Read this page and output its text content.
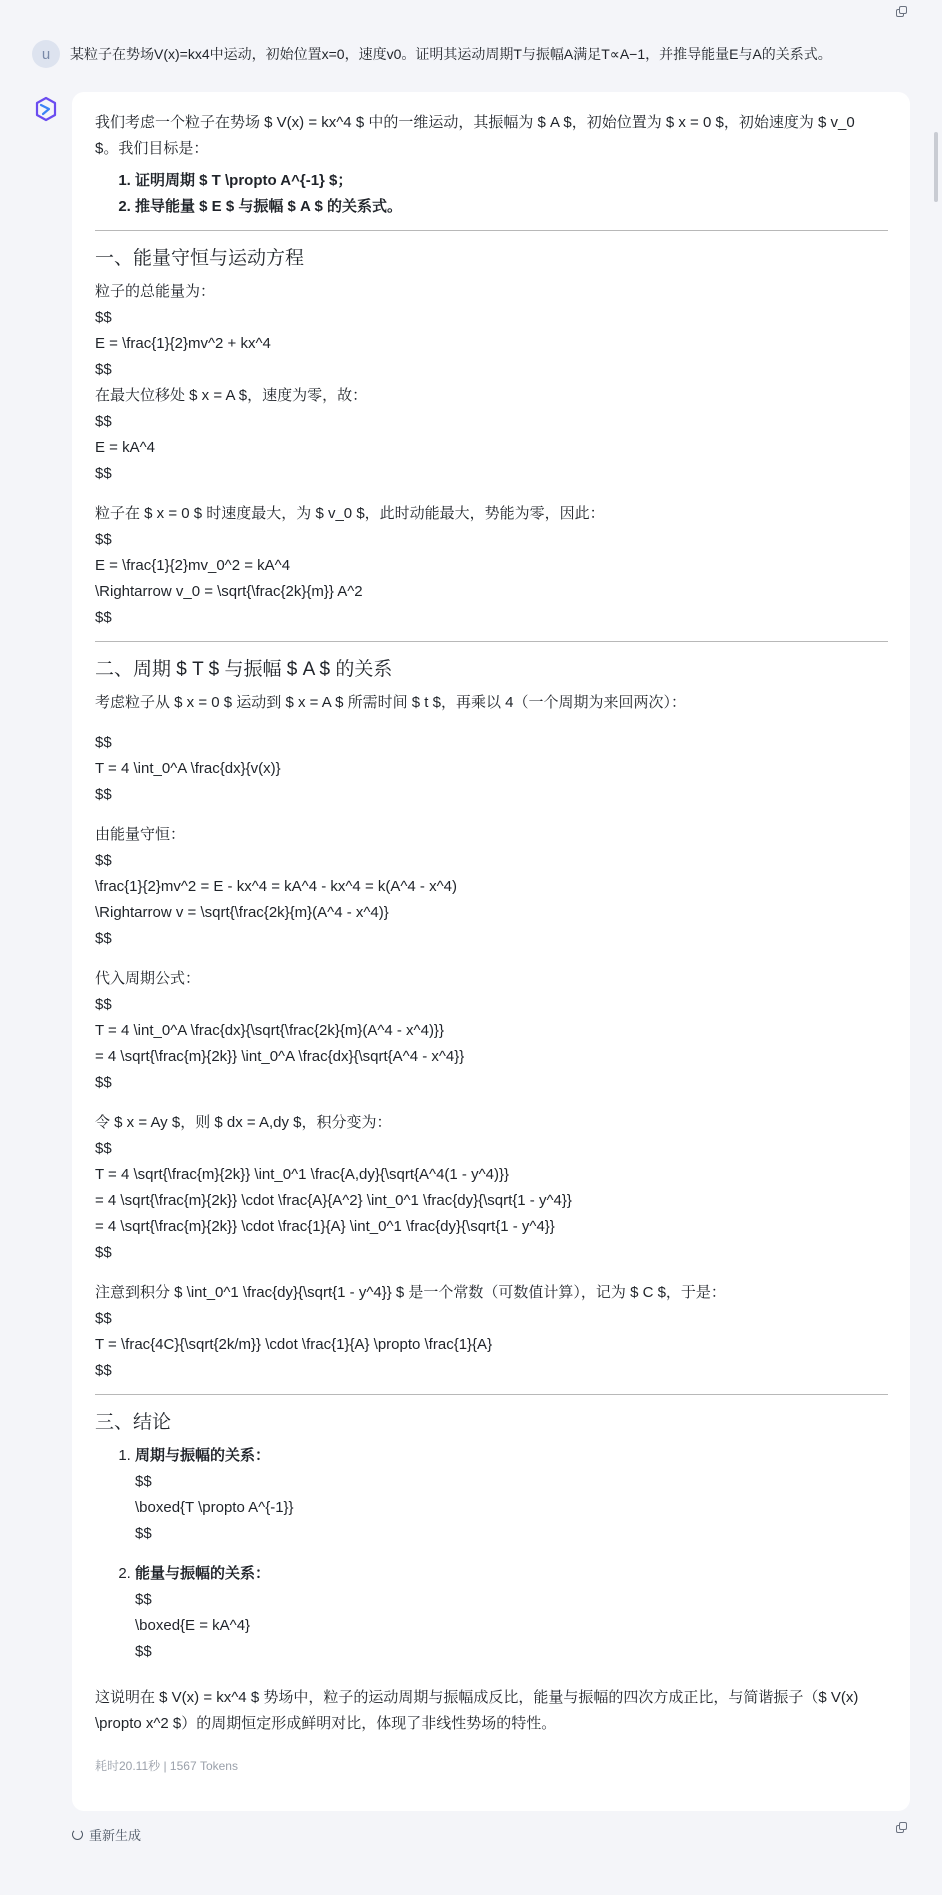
u	某粒子在势场V(x)=kx4中运动，初始位置x=0，速度v0。证明其运动周期T与振幅A满足T∝A−1，并推导能量E与A的关系式。

我们考虑一个粒子在势场 $ V(x) = kx^4 $ 中的一维运动，其振幅为 $ A $，初始位置为 $ x = 0 $，初始速度为 $ v_0
$。我们目标是：

1. 证明周期 $ T \propto A^{-1} $；
2. 推导能量 $ E $ 与振幅 $ A $ 的关系式。
一、能量守恒与运动方程

粒子的总能量为：
$$
E = \frac{1}{2}mv^2 + kx^4
$$
在最大位移处 $ x = A $，速度为零，故：
$$
E = kA^4
$$

粒子在 $ x = 0 $ 时速度最大，为 $ v_0 $，此时动能最大，势能为零，因此：
$$
E = \frac{1}{2}mv_0^2 = kA^4
\Rightarrow v_0 = \sqrt{\frac{2k}{m}} A^2
$$

二、周期 $ T $ 与振幅 $ A $ 的关系

考虑粒子从 $ x = 0 $ 运动到 $ x = A $ 所需时间 $ t $，再乘以 4（一个周期为来回两次）：

$$
T = 4 \int_0^A \frac{dx}{v(x)}
$$

由能量守恒：
$$
\frac{1}{2}mv^2 = E - kx^4 = kA^4 - kx^4 = k(A^4 - x^4)
\Rightarrow v = \sqrt{\frac{2k}{m}(A^4 - x^4)}
$$

代入周期公式：
$$
T = 4 \int_0^A \frac{dx}{\sqrt{\frac{2k}{m}(A^4 - x^4)}}
= 4 \sqrt{\frac{m}{2k}} \int_0^A \frac{dx}{\sqrt{A^4 - x^4}}
$$

令 $ x = Ay $，则 $ dx = A,dy $，积分变为：
$$
T = 4 \sqrt{\frac{m}{2k}} \int_0^1 \frac{A,dy}{\sqrt{A^4(1 - y^4)}}
= 4 \sqrt{\frac{m}{2k}} \cdot \frac{A}{A^2} \int_0^1 \frac{dy}{\sqrt{1 - y^4}}
= 4 \sqrt{\frac{m}{2k}} \cdot \frac{1}{A} \int_0^1 \frac{dy}{\sqrt{1 - y^4}}
$$

注意到积分 $ \int_0^1 \frac{dy}{\sqrt{1 - y^4}} $ 是一个常数（可数值计算），记为 $ C $，于是：
$$
T = \frac{4C}{\sqrt{2k/m}} \cdot \frac{1}{A} \propto \frac{1}{A}
$$

三、结论
1. 周期与振幅的关系：
$$
\boxed{T \propto A^{-1}}
$$
2. 能量与振幅的关系：
$$
\boxed{E = kA^4}
$$

这说明在 $ V(x) = kx^4 $ 势场中，粒子的运动周期与振幅成反比，能量与振幅的四次方成正比，与简谐振子（$ V(x)
\propto x^2 $）的周期恒定形成鲜明对比，体现了非线性势场的特性。

耗时20.11秒 | 1567 Tokens
重新生成
